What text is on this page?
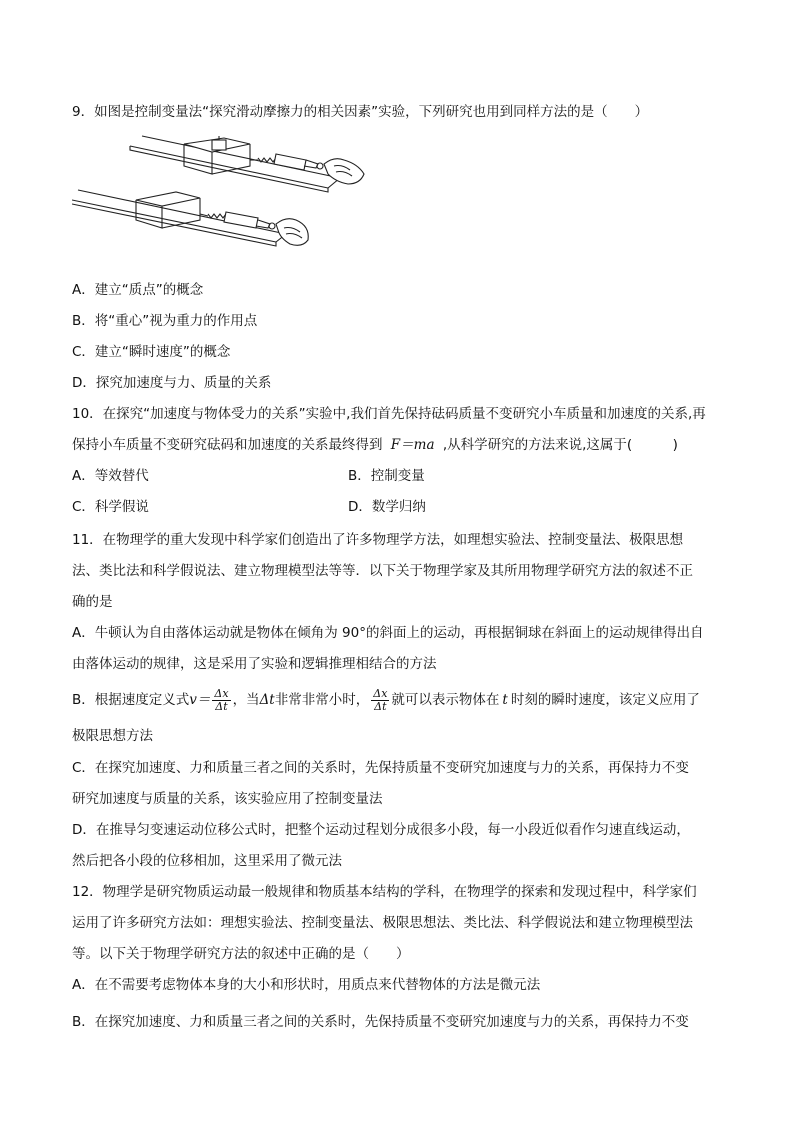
9．如图是控制变量法“探究滑动摩擦力的相关因素”实验，下列研究也用到同样方法的是（　　）
A．建立“质点”的概念
B．将“重心”视为重力的作用点
C．建立“瞬时速度”的概念
D．探究加速度与力、质量的关系
10．在探究“加速度与物体受力的关系”实验中,我们首先保持砝码质量不变研究小车质量和加速度的关系,再
保持小车质量不变研究砝码和加速度的关系最终得到 F＝ma ,从科学研究的方法来说,这属于(　　　)
A．等效替代	B．控制变量
C．科学假说	D．数学归纳
11．在物理学的重大发现中科学家们创造出了许多物理学方法，如理想实验法、控制变量法、极限思想
法、类比法和科学假说法、建立物理模型法等等．以下关于物理学家及其所用物理学研究方法的叙述不正
确的是
A．牛顿认为自由落体运动就是物体在倾角为 90°的斜面上的运动，再根据铜球在斜面上的运动规律得出自
由落体运动的规律，这是采用了实验和逻辑推理相结合的方法
B．根据速度定义式$v= \frac{\Delta x}{\Delta t}$ ，当Δt非常非常小时， $\frac{\Delta x}{\Delta t}$ 就可以表示物体在 t 时刻的瞬时速度，该定义应用了
极限思想方法
C．在探究加速度、力和质量三者之间的关系时，先保持质量不变研究加速度与力的关系，再保持力不变
研究加速度与质量的关系，该实验应用了控制变量法
D．在推导匀变速运动位移公式时，把整个运动过程划分成很多小段，每一小段近似看作匀速直线运动，
然后把各小段的位移相加，这里采用了微元法
12．物理学是研究物质运动最一般规律和物质基本结构的学科，在物理学的探索和发现过程中，科学家们
运用了许多研究方法如：理想实验法、控制变量法、极限思想法、类比法、科学假说法和建立物理模型法
等。以下关于物理学研究方法的叙述中正确的是（　　）
A．在不需要考虑物体本身的大小和形状时，用质点来代替物体的方法是微元法
B．在探究加速度、力和质量三者之间的关系时，先保持质量不变研究加速度与力的关系，再保持力不变
